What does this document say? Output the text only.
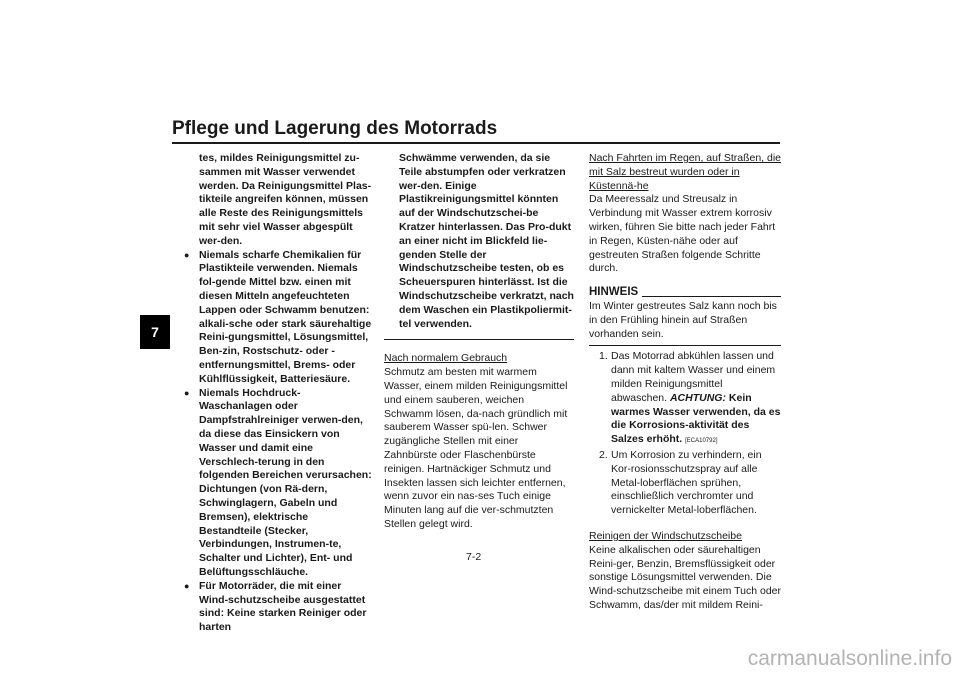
Pflege und Lagerung des Motorrads
7
tes, mildes Reinigungsmittel zu-sammen mit Wasser verwendet werden. Da Reinigungsmittel Plas-tikteile angreifen können, müssen alle Reste des Reinigungsmittels mit sehr viel Wasser abgespült wer-den.
● Niemals scharfe Chemikalien für Plastikteile verwenden. Niemals fol-gende Mittel bzw. einen mit diesen Mitteln angefeuchteten Lappen oder Schwamm benutzen: alkali-sche oder stark säurehaltige Reini-gungsmittel, Lösungsmittel, Ben-zin, Rostschutz- oder -entfernungsmittel, Brems- oder Kühlflüssigkeit, Batteriesäure.
● Niemals Hochdruck-Waschanlagen oder Dampfstrahlreiniger verwen-den, da diese das Einsickern von Wasser und damit eine Verschlech-terung in den folgenden Bereichen verursachen: Dichtungen (von Rä-dern, Schwinglagern, Gabeln und Bremsen), elektrische Bestandteile (Stecker, Verbindungen, Instrumen-te, Schalter und Lichter), Ent- und Belüftungsschläuche.
● Für Motorräder, die mit einer Wind-schutzscheibe ausgestattet sind: Keine starken Reiniger oder harten
Schwämme verwenden, da sie Teile abstumpfen oder verkratzen wer-den. Einige Plastikreinigungsmittel könnten auf der Windschutzschei-be Kratzer hinterlassen. Das Pro-dukt an einer nicht im Blickfeld lie-genden Stelle der Windschutzscheibe testen, ob es Scheuerspuren hinterlässt. Ist die Windschutzscheibe verkratzt, nach dem Waschen ein Plastikpoliermit-tel verwenden.
Nach normalem Gebrauch
Schmutz am besten mit warmem Wasser, einem milden Reinigungsmittel und einem sauberen, weichen Schwamm lösen, da-nach gründlich mit sauberem Wasser spü-len. Schwer zugängliche Stellen mit einer Zahnbürste oder Flaschenbürste reinigen. Hartnäckiger Schmutz und Insekten lassen sich leichter entfernen, wenn zuvor ein nas-ses Tuch einige Minuten lang auf die ver-schmutzten Stellen gelegt wird.
Nach Fahrten im Regen, auf Straßen, die mit Salz bestreut wurden oder in Küstennä-he
Da Meeressalz und Streusalz in Verbindung mit Wasser extrem korrosiv wirken, führen Sie bitte nach jeder Fahrt in Regen, Küsten-nähe oder auf gestreuten Straßen folgende Schritte durch.
HINWEIS
Im Winter gestreutes Salz kann noch bis in den Frühling hinein auf Straßen vorhanden sein.
1. Das Motorrad abkühlen lassen und dann mit kaltem Wasser und einem milden Reinigungsmittel abwaschen. ACHTUNG: Kein warmes Wasser verwenden, da es die Korrosions-aktivität des Salzes erhöht. [ECA10792]
2. Um Korrosion zu verhindern, ein Kor-rosionsschutzspray auf alle Metal-loberflächen sprühen, einschließlich verchromter und vernickelter Metal-loberflächen.
Reinigen der Windschutzscheibe
Keine alkalischen oder säurehaltigen Reini-ger, Benzin, Bremsflüssigkeit oder sonstige Lösungsmittel verwenden. Die Wind-schutzscheibe mit einem Tuch oder Schwamm, das/der mit mildem Reini-
7-2
carmanualsonline.info
